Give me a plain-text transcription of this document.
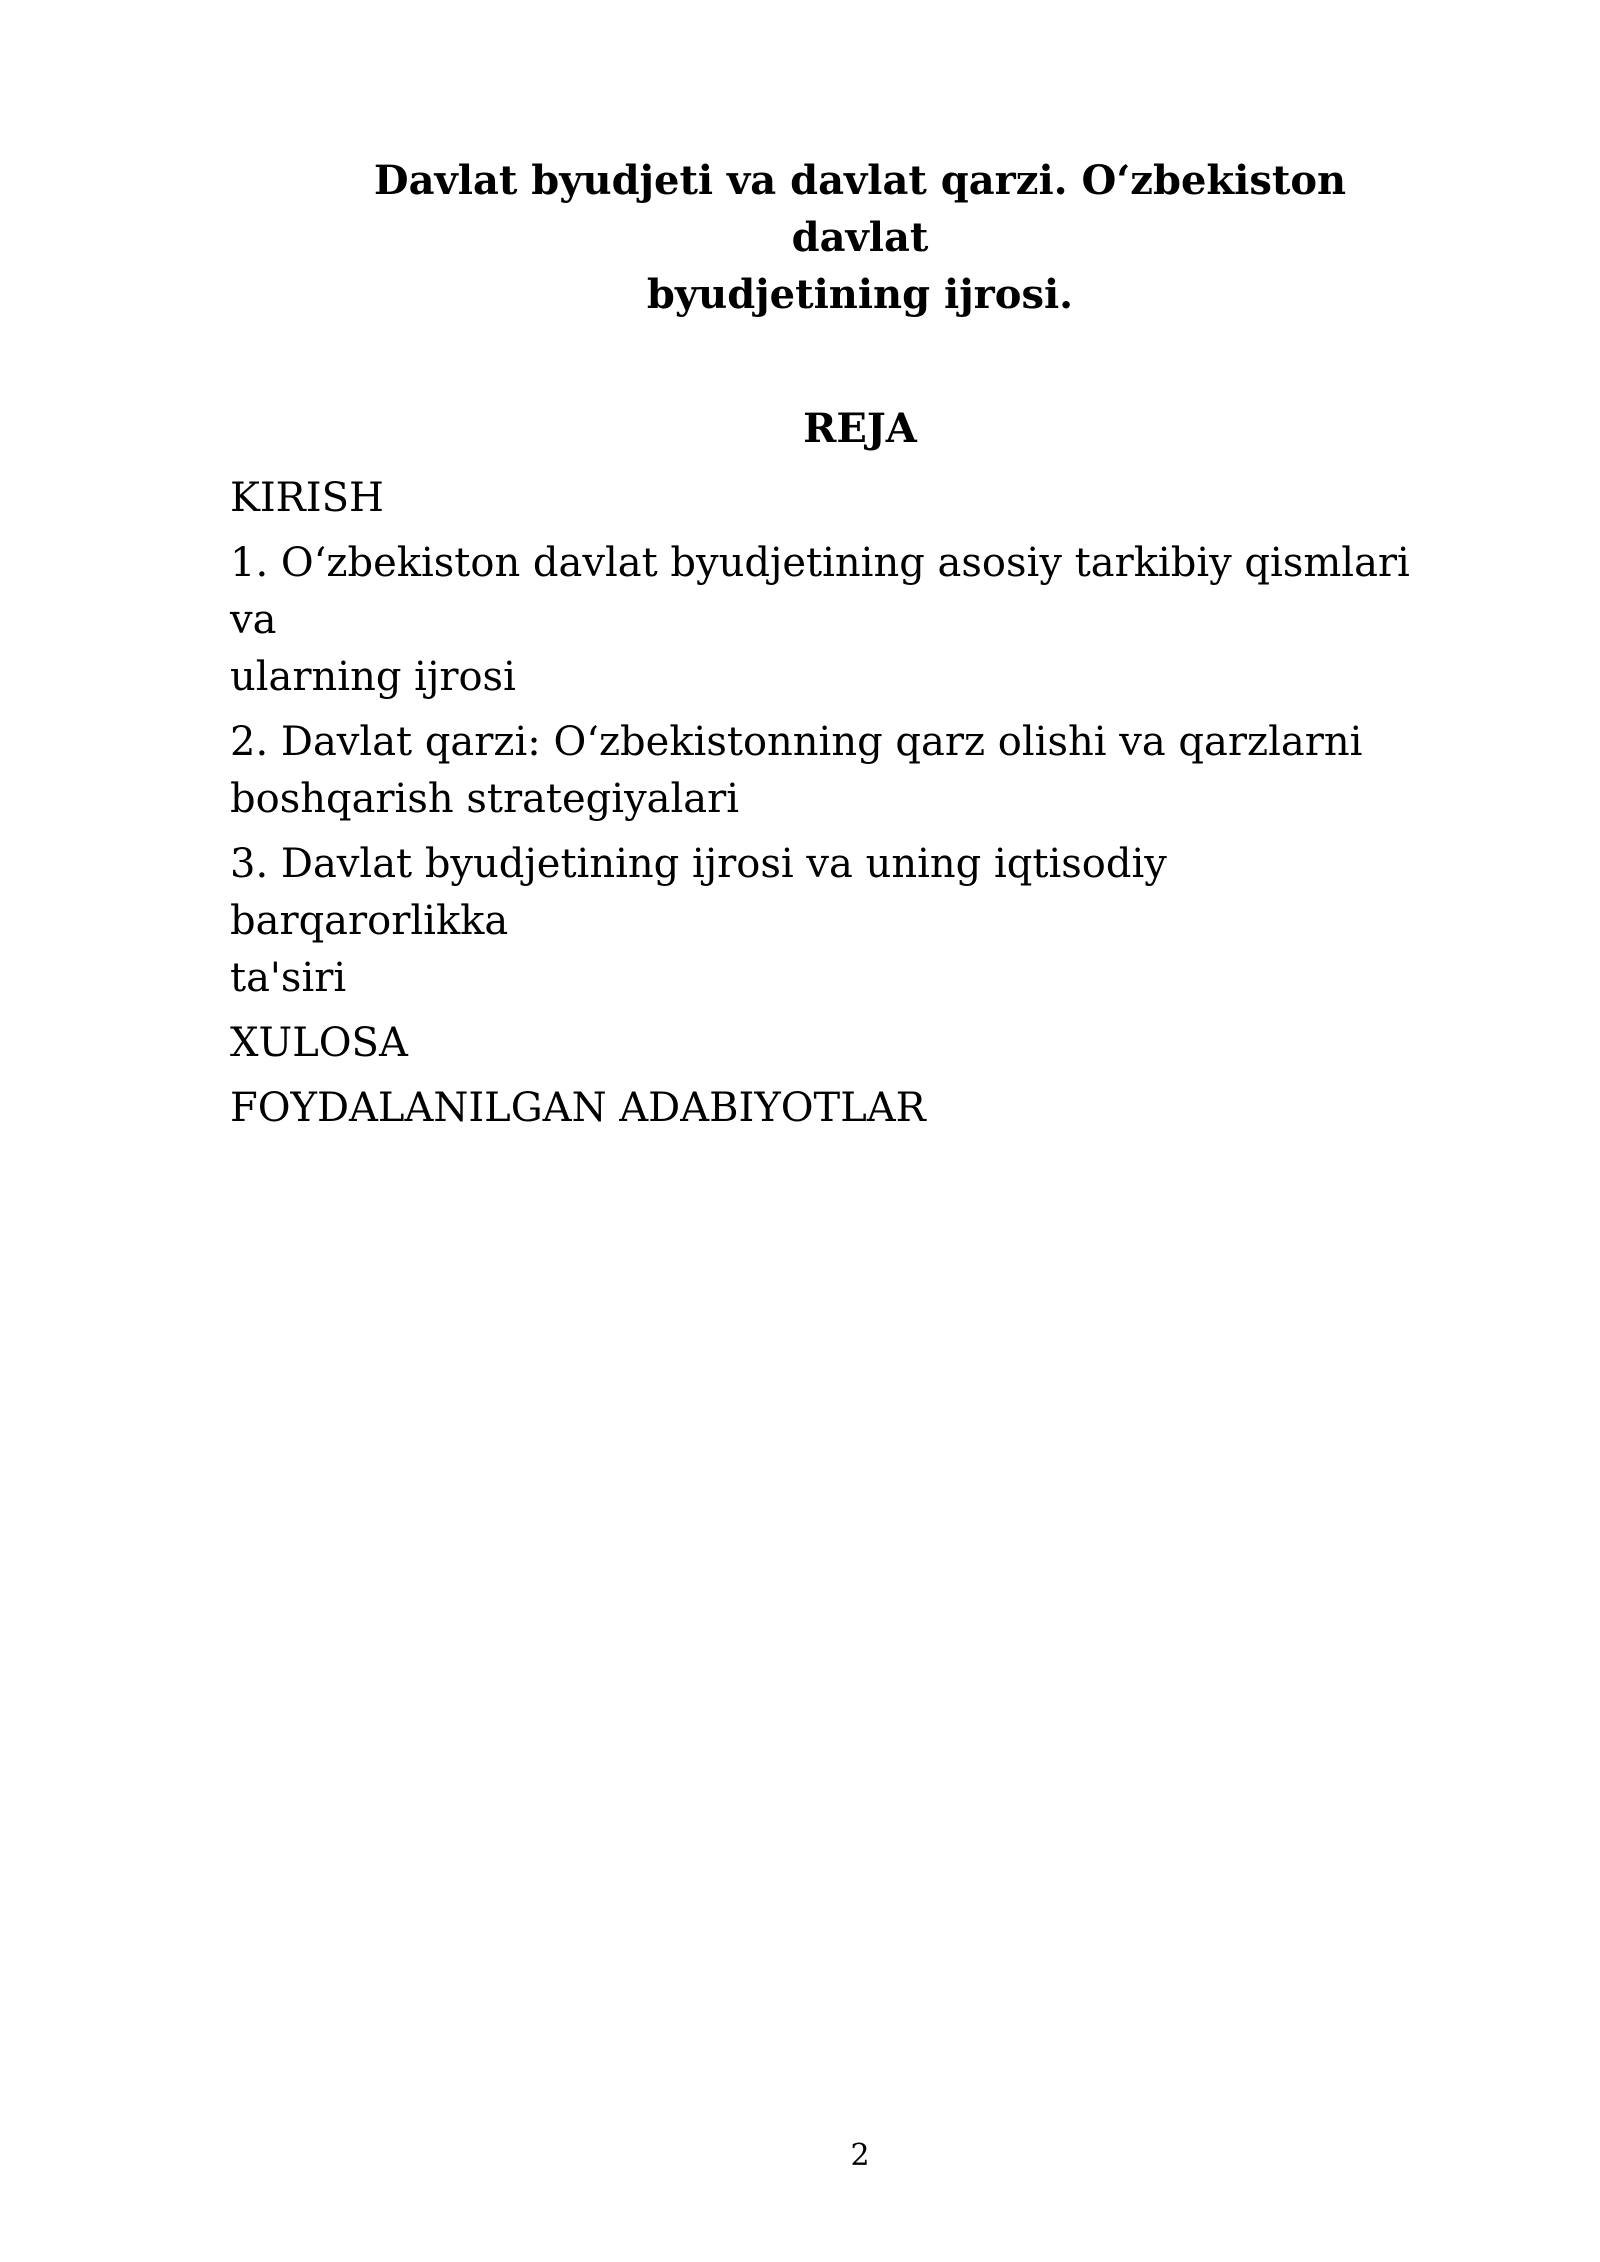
Davlat byudjeti va davlat qarzi. O‘zbekiston davlat
byudjetining ijrosi.
REJA
KIRISH
1. O‘zbekiston davlat byudjetining asosiy tarkibiy qismlari va
ularning ijrosi
2. Davlat qarzi: O‘zbekistonning qarz olishi va qarzlarni
boshqarish strategiyalari
3. Davlat byudjetining ijrosi va uning iqtisodiy barqarorlikka
ta'siri
XULOSA
FOYDALANILGAN ADABIYOTLAR

2
